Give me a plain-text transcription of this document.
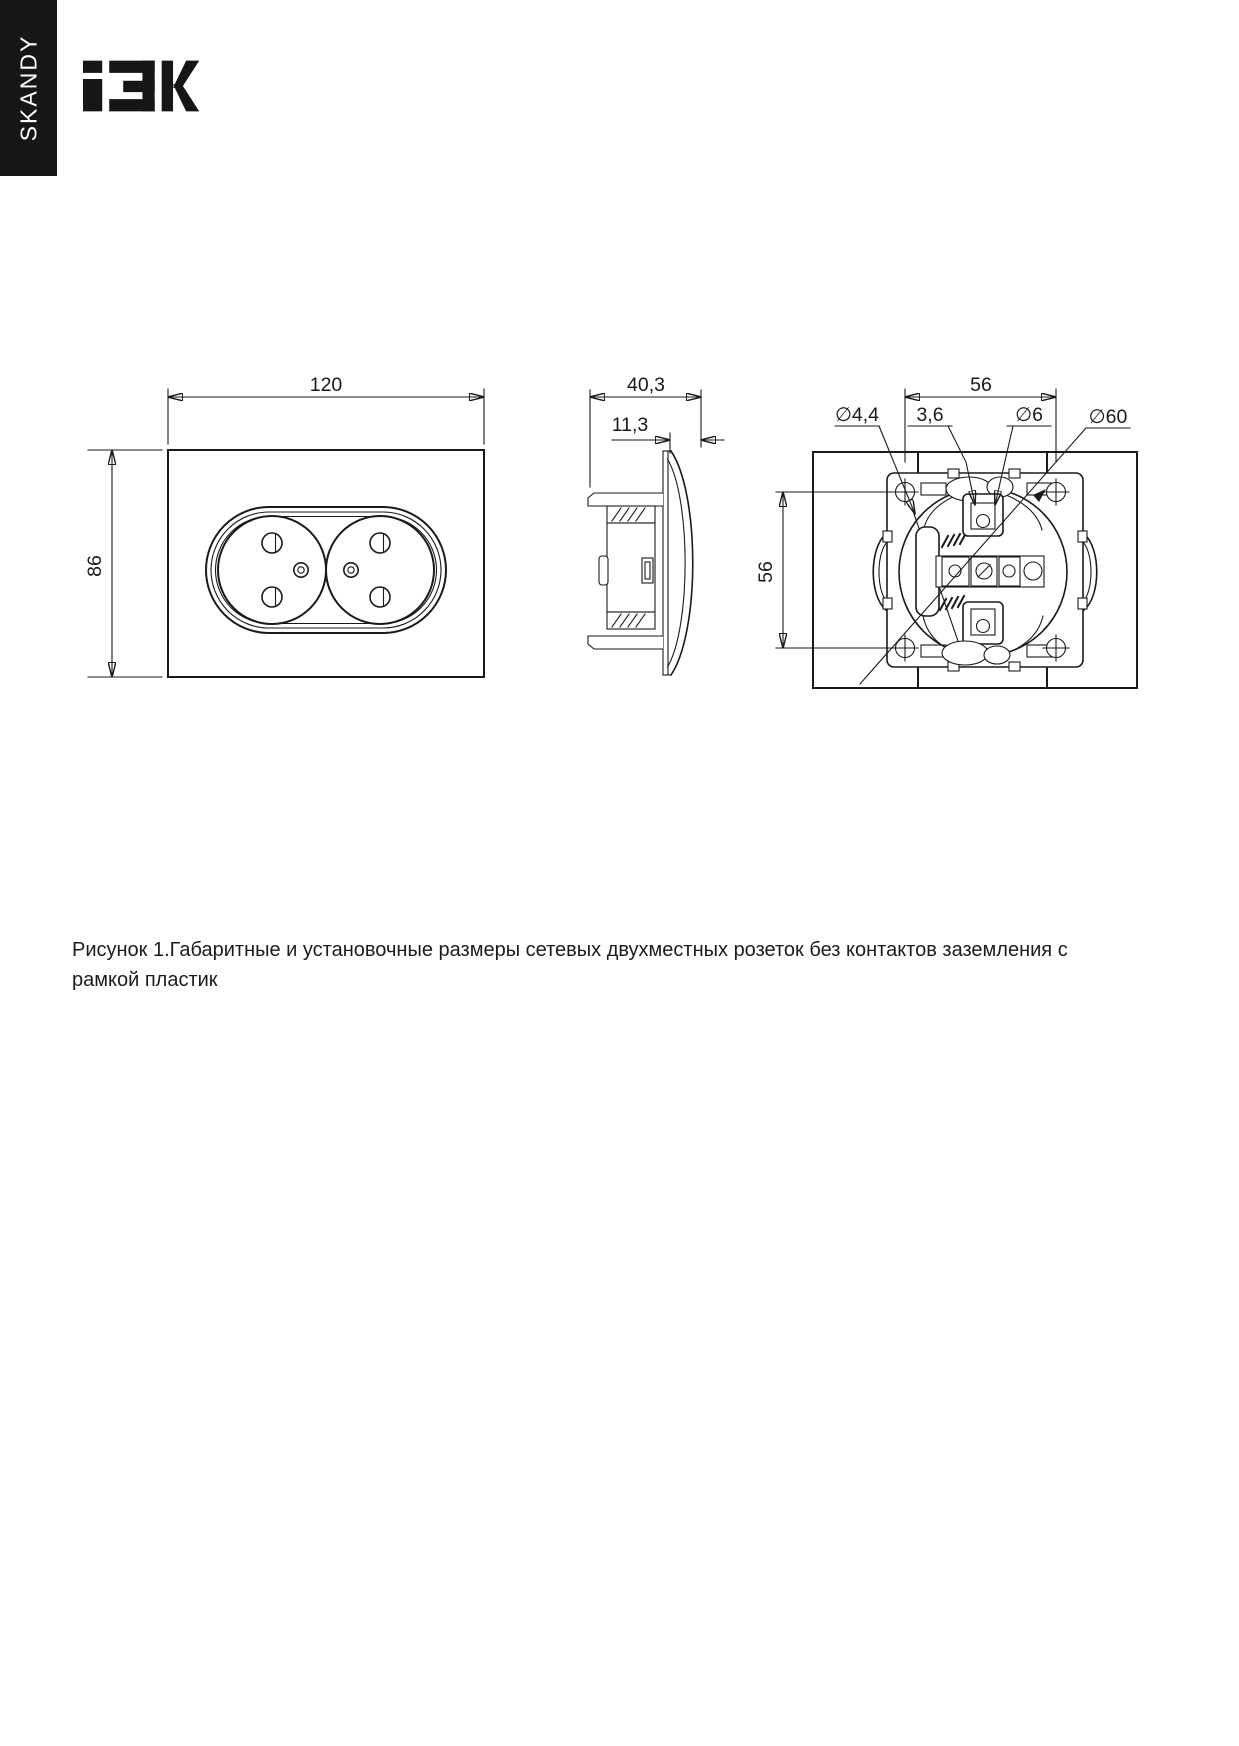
SKANDY
120
86
40,3
11,3
56
56
∅4,4 3,6	∅6 ∅60

Рисунок 1.Габаритные и установочные размеры сетевых двухместных розеток без контактов заземления с рамкой пластик
